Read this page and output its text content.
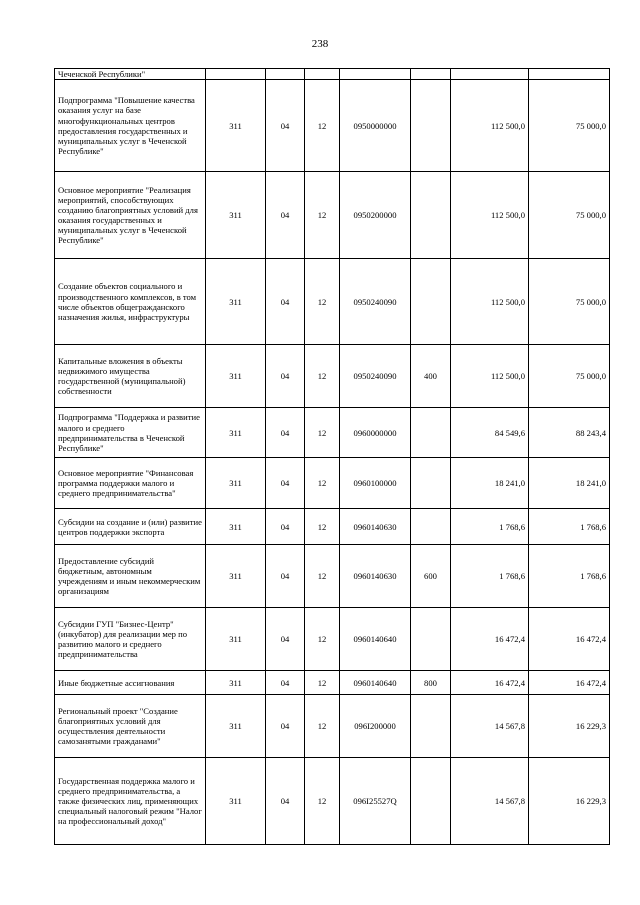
238
Чеченской Республики"							
Подпрограмма "Повышение качества оказания услуг на базе многофункциональных центров предоставления государственных и муниципальных услуг в Чеченской Республике"	311	04	12	0950000000		112 500,0	75 000,0
Основное мероприятие "Реализация мероприятий, способствующих созданию благоприятных условий для оказания государственных и муниципальных услуг в Чеченской Республике"	311	04	12	0950200000		112 500,0	75 000,0
Создание объектов социального и производственного комплексов, в том числе объектов общегражданского назначения жилья, инфраструктуры	311	04	12	0950240090		112 500,0	75 000,0
Капитальные вложения в объекты недвижимого имущества государственной (муниципальной) собственности	311	04	12	0950240090	400	112 500,0	75 000,0
Подпрограмма "Поддержка и развитие малого и среднего предпринимательства в Чеченской Республике"	311	04	12	0960000000		84 549,6	88 243,4
Основное мероприятие "Финансовая программа поддержки малого и среднего предпринимательства"	311	04	12	0960100000		18 241,0	18 241,0
Субсидии на создание и (или) развитие центров поддержки экспорта	311	04	12	0960140630		1 768,6	1 768,6
Предоставление субсидий бюджетным, автономным учреждениям и иным некоммерческим организациям	311	04	12	0960140630	600	1 768,6	1 768,6
Субсидии ГУП "Бизнес-Центр" (инкубатор) для реализации мер по развитию малого и среднего предпринимательства	311	04	12	0960140640		16 472,4	16 472,4
Иные бюджетные ассигнования	311	04	12	0960140640	800	16 472,4	16 472,4
Региональный проект "Создание благоприятных условий для осуществления деятельности самозанятыми гражданами"	311	04	12	096I200000		14 567,8	16 229,3
Государственная поддержка малого и среднего предпринимательства, а также физических лиц, применяющих специальный налоговый режим "Налог на профессиональный доход"	311	04	12	096I25527Q		14 567,8	16 229,3
